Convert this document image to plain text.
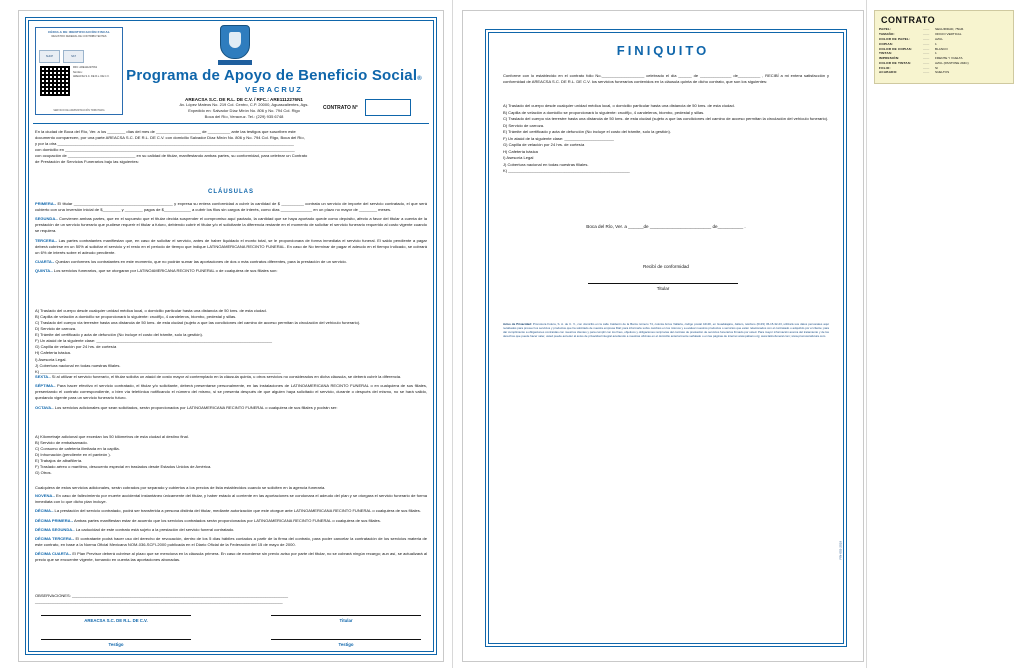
CÉDULA DE IDENTIFICACIÓN FISCAL
REGISTRO FEDERAL DE CONTRIBUYENTES
SHCP	SAT
RFC: ARE1112276N1
Nombre:
AREACSA S.C. DE R.L. DE C.V.
SERVICIO DE ADMINISTRACIÓN TRIBUTARIA
Programa de Apoyo de Beneficio Social®
VERACRUZ
AREACSA S.C. DE R.L. DE C.V. / RFC.: ARE1112276N1
Av. López Mateos No. 219 Col. Centro, C.P. 20000, Aguascalientes, Ags.
Expedido en: Salvador Díaz Mirón No. 806 y No. 794 Col. Rigo
Boca del Río, Veracruz. Tel.: (229) 935 6748
CONTRATO N°
En la ciudad de Boca del Río, Ver. a los ________ días del mes de ____________________ de __________ ante las testigos que suscriben este
documento comparecen, por una parte AREACSA S.C. DE R.L. DE C.V. con domicilio Salvador Díaz Mirón No. 806 y No. 794 Col. Rigo, Boca del Río,
y por la otra _________________________________________________________________________________________________________
con domicilio en ______________________________________________________________________________________________________
con ocupación de ______________________________ en su calidad de titular, manifestando ambas partes, su conformidad, para celebrar un Contrato
de Prestación de Servicios Funerarios bajo las siguientes:
CLÁUSULAS
PRIMERA.- El titular ____________________________________________ y expresa su entera conformidad a cubrir la cantidad de $ __________ contrata un servicio de importe del servicio contratado, el que será cubierto con una inversión inicial de $________ y ________ pagos de $____________ a cubrir los flios sin cargos de interés, como días ______________ en un plazo no mayor de ________ meses.
SEGUNDA.- Convienen ambas partes, que en el supuesto que el titular decida suspender el compromiso aquí pactado, la cantidad que se haya aportado quede como depósito, afecto a favor del titular a cuenta de la prestación de un servicio funerario que pudiese requerir el titular a futuro, debiendo cubrir el titular y/o el solicitante la diferencia restante en el momento de solicitar el servicio funerario requerido al costo vigente cuando se requiera.
TERCERA.- Las partes contratantes manifiestan que, en caso de solicitar el servicio, antes de haber liquidado el monto total, se le proporcionara de forma inmediata el servicio funeral. El saldo pendiente a pagar deberá cubrirse en un 50% al solicitar el servicio y el resto en el periodo de tiempo que indique LATINOAMERICANA RECINTO FUNERAL. En caso de No terminar de pagar el adeudo en el tiempo indicado, se cobrará un 6% de interés sobre el adeudo pendiente.
CUARTA.- Quedan conformes los contratantes en este momento, que no podrán sumar las aportaciones de dos o más contratos diferentes, para la prestación de un servicio.
QUINTA.- Los servicios funerarios, que se otorgaran por LATINOAMERICANA RECINTO FUNERAL o de cualquiera de sus filiales son:
A) Traslado del cuerpo desde cualquier unidad médica local, o domicilio particular hasta una distancia de 50 kms. de esta ciudad.
B) Capilla de velación a domicilio se proporcionará lo siguiente: crucifijo, 4 candeleros, biombo, pedestal y sillas.
C) Traslado del cuerpo vía terrestre hasta una distancia de 50 kms. de esta ciudad (sujeto a que las condiciones del camino de acceso permitan la circulación del vehículo funerario).
D) Servicio de carroza.
E) Trámite del certificado y acta de defunción (No incluye el costo del trámite, solo la gestión).
F) Un ataúd de la siguiente clase: ______________________________________________________________________________
G) Capilla de velación por 24 hrs. de cortesía
H) Cafetería básica.
I) Asesoría Legal.
J) Cobertura nacional en todas nuestras filiales.
K) ___________________________________________________________________________________________________________
SEXTA.- Si al utilizar el servicio funerario, el titular solicita un ataúd de costo mayor al contemplado en la cláusula quinta, u otros servicios no considerados en dicha cláusula, se deberá cubrir la diferencia.
SÉPTIMA.- Para hacer efectivo el servicio contratado, el titular y/o solicitante, deberá presentarse personalmente, en las instalaciones de LATINOAMERICANA RECINTO FUNERAL o en cualquiera de sus filiales, presentando el contrato correspondiente, o bien vía telefónica notificando el número del mismo, si se presenta después de que alguien haya solicitado el servicio, durante o después del mismo, no se hará valido, quedando vigente para un servicio funerario futuro.
OCTAVA.- Los servicios adicionales que sean solicitados, serán proporcionados por LATINOAMERICANA RECINTO FUNERAL o cualquiera de sus filiales y podrán ser:
A) Kilometraje adicional que excedan los 50 kilómetros de esta ciudad al destino final.
B) Servicio de embalsamado.
C) Consumo de cafetería ilimitada en la capilla.
D) Inhumación (pendiente en el panteón ).
E) Trabajos de albañilería.
F) Traslado aéreo o marítimo, descuento especial en traslados desde Estados Unidos de América.
G) Otros.
Cualquiera de estos servicios adicionales, serán cobrados por separado y cubiertos a los precios de lista establecidos cuando se soliciten en la agencia funeraria.
NOVENA.- En caso de fallecimiento por muerte accidental instantáneo únicamente del titular, y haber estado al corriente en las aportaciones se condonara el adeudo del plan y se otorgara el servicio funerario de forma inmediata con lo que dicho plan incluye.
DÉCIMA.- La prestación del servicio contratado, podrá ser transferida a persona distinta del titular, mediante autorización que este otorgue ante LATINOAMERICANA RECINTO FUNERAL o cualquiera de sus filiales.
DÉCIMA PRIMERA.- Ambas partes manifiestan estar de acuerdo que los servicios contratados serán proporcionados por LATINOAMERICANA RECINTO FUNERAL o cualquiera de sus filiales.
DÉCIMA SEGUNDA.- La caducidad de este contrato está sujeto a la prestación del servicio funeral contratado.
DÉCIMA TERCERA.- El contratante podrá hacer uso del derecho de revocación, dentro de los 5 días hábiles contados a partir de la firma del contrato, para poder cancelar la contratación de los servicios materia de este contrato, en base a la Norma Oficial Mexicana NOM-036-SCFI-2000 publicada en el Diario Oficial de la Federación del 15 de mayo de 2000.
DÉCIMA CUARTA.- El Plan Previsor deberá cubrirse al plazo que se menciona en la cláusula primera. En caso de excederse sin previo aviso por parte del titular, no se cobrará ningún recargo; aun así, se actualizará al precio que se encuentre vigente, tomando en cuenta las aportaciones abonadas.
OBSERVACIONES: ________________________________________________________________________________________________
______________________________________________________________________________________________________________
AREACSA S.C. DE R.L. DE C.V.	Titular
Testigo	Testigo
FINIQUITO
Conforme con lo establecido en el contrato folio No.___________________ celebrado el día ______ de ______________ de__________ , RECIBÍ a mi entera satisfacción y conformidad de AREACSA S.C. DE R.L. DE C.V. los servicios funerarios contenidos en la cláusula quinta de dicho contrato, que son los siguientes:
A) Traslado del cuerpo desde cualquier unidad médica local, o domicilio particular hasta una distancia de 50 kms. de esta ciudad.
B) Capilla de velación a domicilio se proporcionará lo siguiente: crucifijo, 4 candeleros, biombo, pedestal y sillas.
C) Traslado del cuerpo vía terrestre hasta una distancia de 50 kms. de esta ciudad (sujeto a que las condiciones del camino de acceso permitan la circulación del vehículo funerario).
D) Servicio de carroza.
E) Trámite del certificado y acta de defunción (No incluye el costo del trámite, solo la gestión).
F) Un ataúd de la siguiente clase: ______________________
G) Capilla de velación por 24 hrs. de cortesía
H) Cafetería básica
I) Asesoría Legal
J) Cobertura nacional en todas nuestras filiales.
K) ______________________________________________________
Boca del Río, Ver. a ______de ________________________ de__________ .
Recibí de conformidad
Titular
Aviso de Privacidad: Promotora Futura, S. A. de C. V., con domicilio en la calle Calderón de la Barca número 74, colonia Arcos Vallarta, código postal 44130, en Guadalajara, Jalisco, teléfono (0133) 36-15-32-23, utilizará sus datos personales aquí recabados para proveer los servicios y productos que ha solicitado de nuestra empresa filial; para informarle sobre cambios en los mismos y a evaluar nuestros productos o servicios que estén relacionados con el contratado o adquirido por el cliente; para dar cumplimiento a obligaciones contraídas con nuestros clientes y para cumplir con los fines, objetivos y obligaciones recíprocas del contrato de prestación de servicios funerarios firmado por usted. Para mayor información acerca del tratamiento y de los derechos que puede hacer valer, usted puede acceder al aviso de privacidad integral acudiendo a nuestras oficinas en el domicilio anteriormente señalado o en las páginas de internet www.pabanv.org; www.latinofuneral.com; www.promotorafutura.com.
FIN-002-2019
CONTRATO
PAPEL:	——	SEGURIDAD, 75GR.
TAMAÑO:	——	OFICIO VERTICAL
COLOR DE PAPEL:	——	AZUL
COPIAS:	——	1
COLOR DE COPIAS:	——	BLANCO
TINTAS:	——	1
IMPRESIÓN:	——	FRENTE Y VUELTA
COLOR DE TINTAS:	——	AZUL (PANTONE 294C)
FOLIO:	——	SI
ACABADO:	——	SUELTOS
